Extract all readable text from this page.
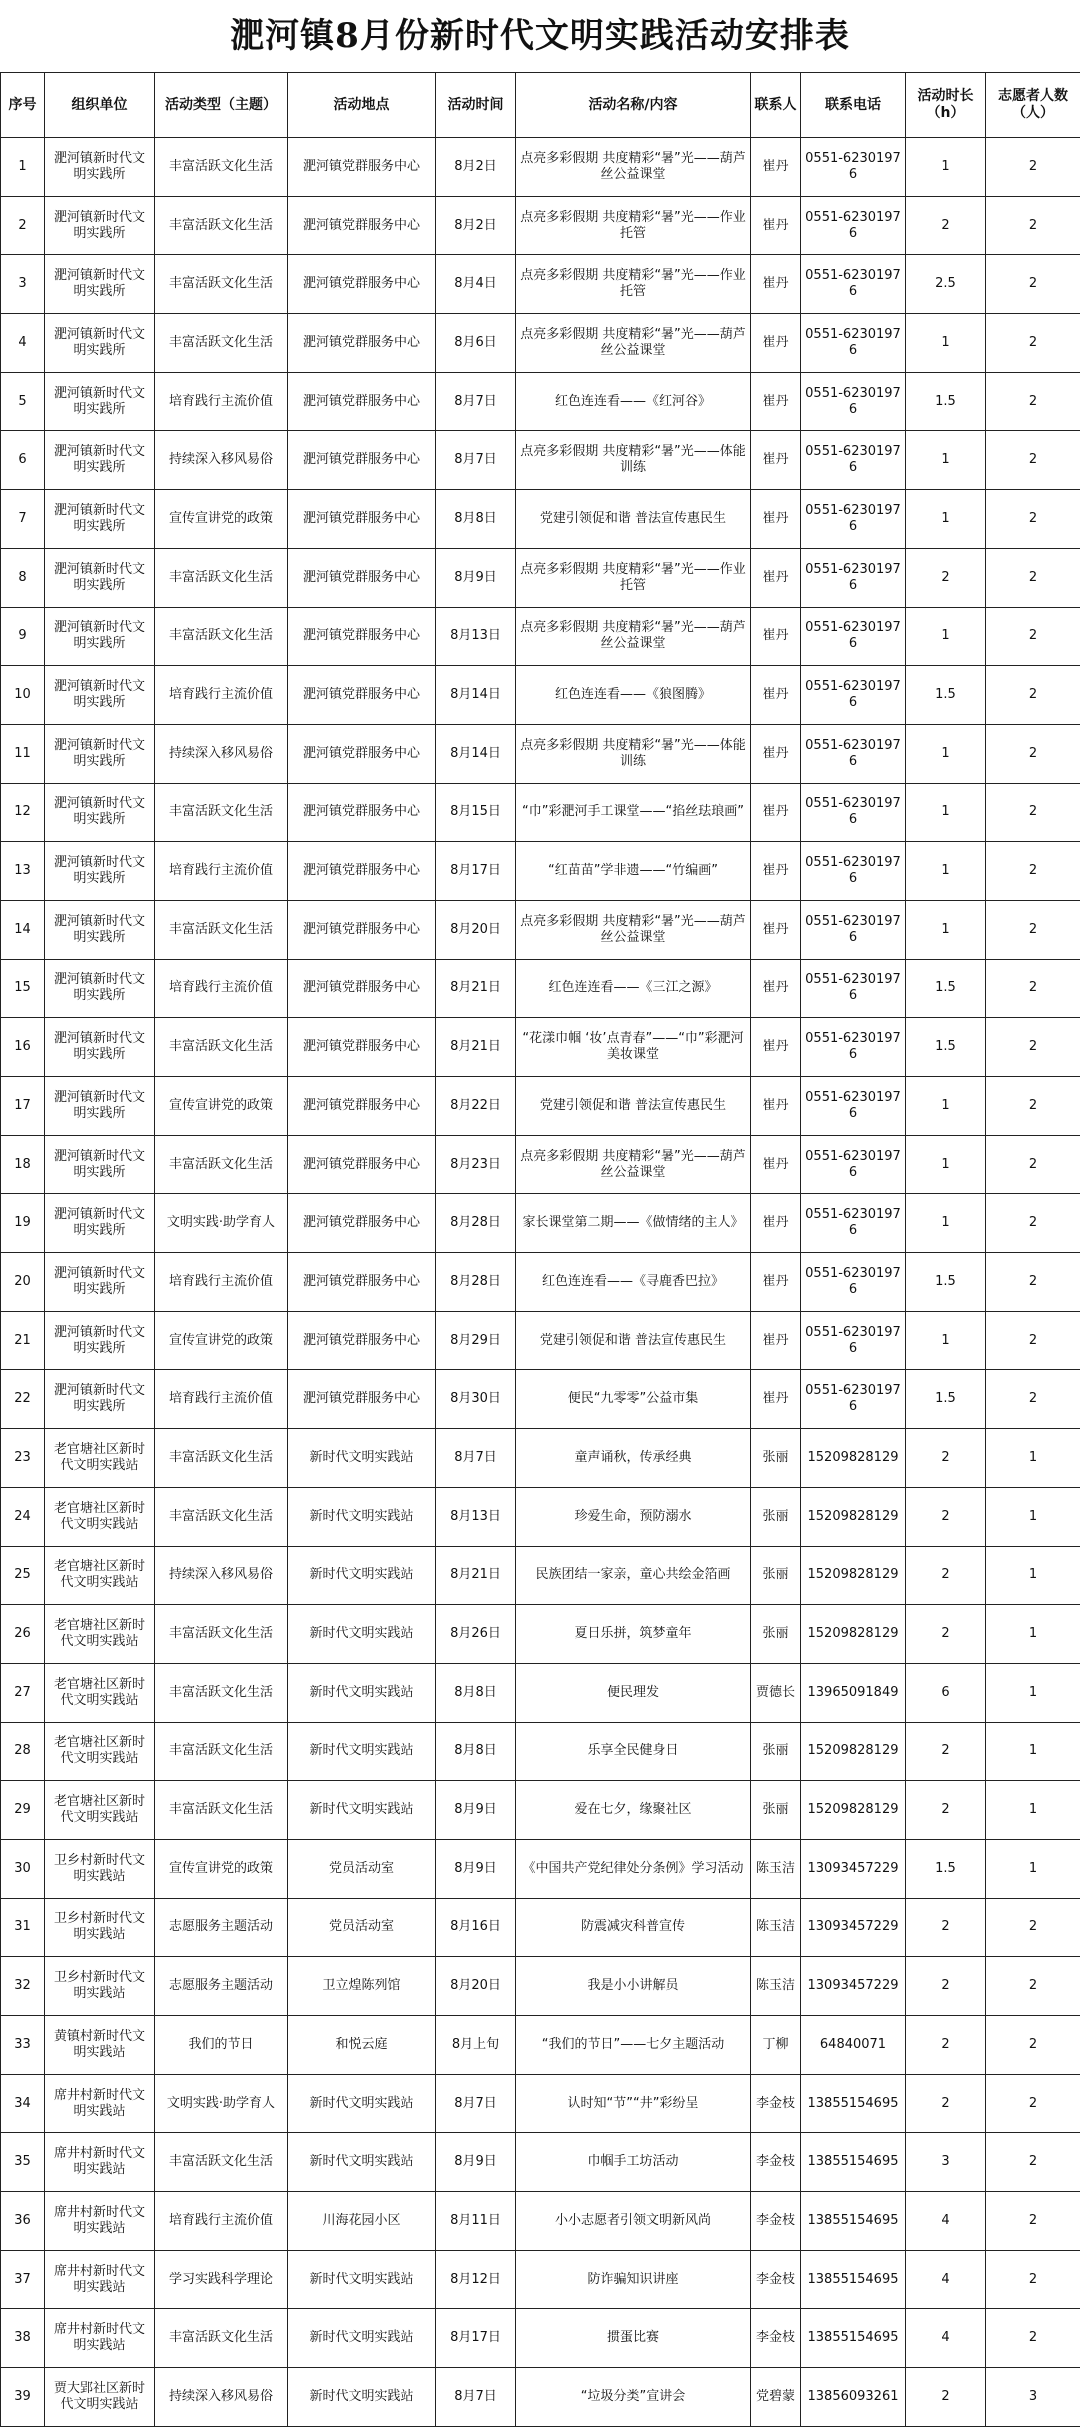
淝河镇8月份新时代文明实践活动安排表
序号	组织单位	活动类型（主题）	活动地点	活动时间	活动名称/内容	联系人	联系电话	活动时长（h）	志愿者人数（人）
1	淝河镇新时代文明实践所	丰富活跃文化生活	淝河镇党群服务中心	8月2日	点亮多彩假期 共度精彩“暑”光——葫芦丝公益课堂	崔丹	0551-62301976	1	2
2	淝河镇新时代文明实践所	丰富活跃文化生活	淝河镇党群服务中心	8月2日	点亮多彩假期 共度精彩“暑”光——作业托管	崔丹	0551-62301976	2	2
3	淝河镇新时代文明实践所	丰富活跃文化生活	淝河镇党群服务中心	8月4日	点亮多彩假期 共度精彩“暑”光——作业托管	崔丹	0551-62301976	2.5	2
4	淝河镇新时代文明实践所	丰富活跃文化生活	淝河镇党群服务中心	8月6日	点亮多彩假期 共度精彩“暑”光——葫芦丝公益课堂	崔丹	0551-62301976	1	2
5	淝河镇新时代文明实践所	培育践行主流价值	淝河镇党群服务中心	8月7日	红色连连看——《红河谷》	崔丹	0551-62301976	1.5	2
6	淝河镇新时代文明实践所	持续深入移风易俗	淝河镇党群服务中心	8月7日	点亮多彩假期 共度精彩“暑”光——体能训练	崔丹	0551-62301976	1	2
7	淝河镇新时代文明实践所	宣传宣讲党的政策	淝河镇党群服务中心	8月8日	党建引领促和谐 普法宣传惠民生	崔丹	0551-62301976	1	2
8	淝河镇新时代文明实践所	丰富活跃文化生活	淝河镇党群服务中心	8月9日	点亮多彩假期 共度精彩“暑”光——作业托管	崔丹	0551-62301976	2	2
9	淝河镇新时代文明实践所	丰富活跃文化生活	淝河镇党群服务中心	8月13日	点亮多彩假期 共度精彩“暑”光——葫芦丝公益课堂	崔丹	0551-62301976	1	2
10	淝河镇新时代文明实践所	培育践行主流价值	淝河镇党群服务中心	8月14日	红色连连看——《狼图腾》	崔丹	0551-62301976	1.5	2
11	淝河镇新时代文明实践所	持续深入移风易俗	淝河镇党群服务中心	8月14日	点亮多彩假期 共度精彩“暑”光——体能训练	崔丹	0551-62301976	1	2
12	淝河镇新时代文明实践所	丰富活跃文化生活	淝河镇党群服务中心	8月15日	“巾”彩淝河手工课堂——“掐丝珐琅画”	崔丹	0551-62301976	1	2
13	淝河镇新时代文明实践所	培育践行主流价值	淝河镇党群服务中心	8月17日	“红苗苗”学非遗——“竹编画”	崔丹	0551-62301976	1	2
14	淝河镇新时代文明实践所	丰富活跃文化生活	淝河镇党群服务中心	8月20日	点亮多彩假期 共度精彩“暑”光——葫芦丝公益课堂	崔丹	0551-62301976	1	2
15	淝河镇新时代文明实践所	培育践行主流价值	淝河镇党群服务中心	8月21日	红色连连看——《三江之源》	崔丹	0551-62301976	1.5	2
16	淝河镇新时代文明实践所	丰富活跃文化生活	淝河镇党群服务中心	8月21日	“花漾巾帼 ‘妆’点青春”——“巾”彩淝河美妆课堂	崔丹	0551-62301976	1.5	2
17	淝河镇新时代文明实践所	宣传宣讲党的政策	淝河镇党群服务中心	8月22日	党建引领促和谐 普法宣传惠民生	崔丹	0551-62301976	1	2
18	淝河镇新时代文明实践所	丰富活跃文化生活	淝河镇党群服务中心	8月23日	点亮多彩假期 共度精彩“暑”光——葫芦丝公益课堂	崔丹	0551-62301976	1	2
19	淝河镇新时代文明实践所	文明实践·助学育人	淝河镇党群服务中心	8月28日	家长课堂第二期——《做情绪的主人》	崔丹	0551-62301976	1	2
20	淝河镇新时代文明实践所	培育践行主流价值	淝河镇党群服务中心	8月28日	红色连连看——《寻鹿香巴拉》	崔丹	0551-62301976	1.5	2
21	淝河镇新时代文明实践所	宣传宣讲党的政策	淝河镇党群服务中心	8月29日	党建引领促和谐 普法宣传惠民生	崔丹	0551-62301976	1	2
22	淝河镇新时代文明实践所	培育践行主流价值	淝河镇党群服务中心	8月30日	便民“九零零”公益市集	崔丹	0551-62301976	1.5	2
23	老官塘社区新时代文明实践站	丰富活跃文化生活	新时代文明实践站	8月7日	童声诵秋，传承经典	张丽	15209828129	2	1
24	老官塘社区新时代文明实践站	丰富活跃文化生活	新时代文明实践站	8月13日	珍爱生命，预防溺水	张丽	15209828129	2	1
25	老官塘社区新时代文明实践站	持续深入移风易俗	新时代文明实践站	8月21日	民族团结一家亲，童心共绘金箔画	张丽	15209828129	2	1
26	老官塘社区新时代文明实践站	丰富活跃文化生活	新时代文明实践站	8月26日	夏日乐拼，筑梦童年	张丽	15209828129	2	1
27	老官塘社区新时代文明实践站	丰富活跃文化生活	新时代文明实践站	8月8日	便民理发	贾德长	13965091849	6	1
28	老官塘社区新时代文明实践站	丰富活跃文化生活	新时代文明实践站	8月8日	乐享全民健身日	张丽	15209828129	2	1
29	老官塘社区新时代文明实践站	丰富活跃文化生活	新时代文明实践站	8月9日	爱在七夕，缘聚社区	张丽	15209828129	2	1
30	卫乡村新时代文明实践站	宣传宣讲党的政策	党员活动室	8月9日	《中国共产党纪律处分条例》学习活动	陈玉洁	13093457229	1.5	1
31	卫乡村新时代文明实践站	志愿服务主题活动	党员活动室	8月16日	防震减灾科普宣传	陈玉洁	13093457229	2	2
32	卫乡村新时代文明实践站	志愿服务主题活动	卫立煌陈列馆	8月20日	我是小小讲解员	陈玉洁	13093457229	2	2
33	黄镇村新时代文明实践站	我们的节日	和悦云庭	8月上旬	“我们的节日”——七夕主题活动	丁柳	64840071	2	2
34	席井村新时代文明实践站	文明实践·助学育人	新时代文明实践站	8月7日	认时知“节”“井”彩纷呈	李金枝	13855154695	2	2
35	席井村新时代文明实践站	丰富活跃文化生活	新时代文明实践站	8月9日	巾帼手工坊活动	李金枝	13855154695	3	2
36	席井村新时代文明实践站	培育践行主流价值	川海花园小区	8月11日	小小志愿者引领文明新风尚	李金枝	13855154695	4	2
37	席井村新时代文明实践站	学习实践科学理论	新时代文明实践站	8月12日	防诈骗知识讲座	李金枝	13855154695	4	2
38	席井村新时代文明实践站	丰富活跃文化生活	新时代文明实践站	8月17日	掼蛋比赛	李金枝	13855154695	4	2
39	贾大郢社区新时代文明实践站	持续深入移风易俗	新时代文明实践站	8月7日	“垃圾分类”宣讲会	党碧蒙	13856093261	2	3
